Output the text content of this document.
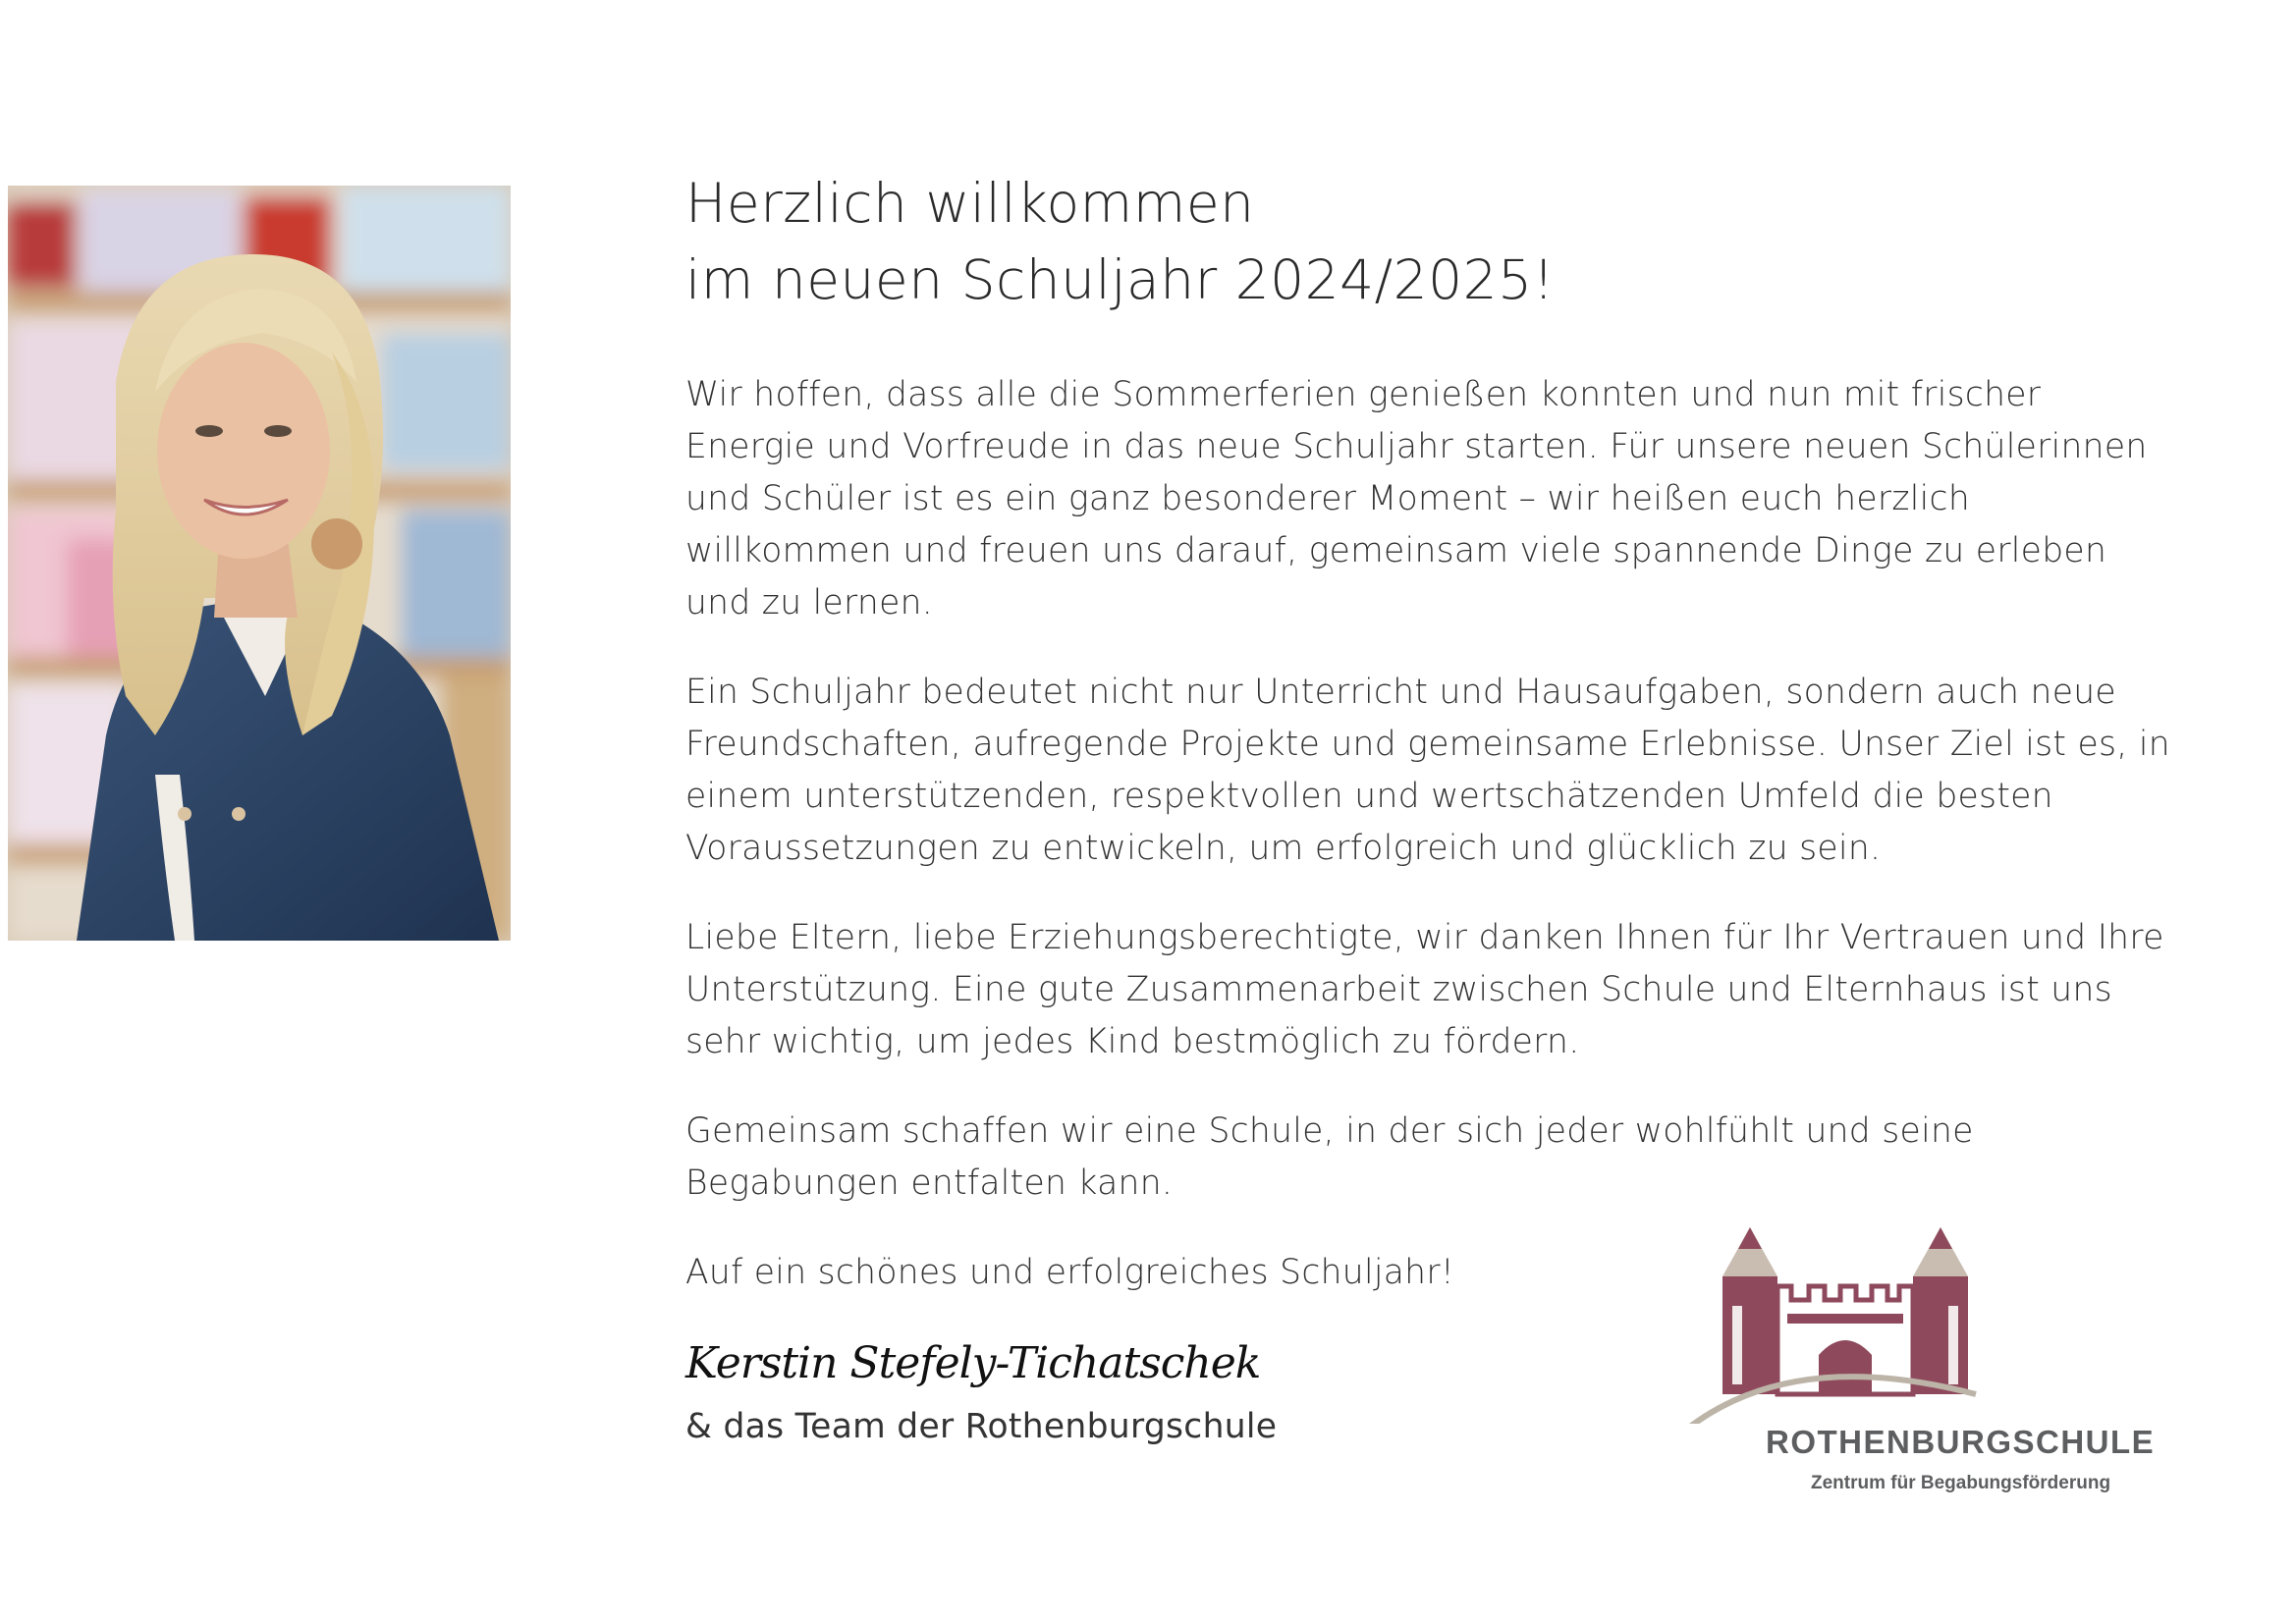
Herzlich willkommen
im neuen Schuljahr 2024/2025!

Wir hoffen, dass alle die Sommerferien genießen konnten und nun mit frischer Energie und Vorfreude in das neue Schuljahr starten. Für unsere neuen Schülerinnen und Schüler ist es ein ganz besonderer Moment – wir heißen euch herzlich willkommen und freuen uns darauf, gemeinsam viele spannende Dinge zu erleben und zu lernen.

Ein Schuljahr bedeutet nicht nur Unterricht und Hausaufgaben, sondern auch neue Freundschaften, aufregende Projekte und gemeinsame Erlebnisse. Unser Ziel ist es, in einem unterstützenden, respektvollen und wertschätzenden Umfeld die besten Voraussetzungen zu entwickeln, um erfolgreich und glücklich zu sein.

Liebe Eltern, liebe Erziehungsberechtigte, wir danken Ihnen für Ihr Vertrauen und Ihre Unterstützung. Eine gute Zusammenarbeit zwischen Schule und Elternhaus ist uns sehr wichtig, um jedes Kind bestmöglich zu fördern.

Gemeinsam schaffen wir eine Schule, in der sich jeder wohlfühlt und seine Begabungen entfalten kann.

Auf ein schönes und erfolgreiches Schuljahr!

Kerstin Stefely-Tichatschek
& das Team der Rothenburgschule	ROTHENBURGSCHULE
Zentrum für Begabungsförderung
